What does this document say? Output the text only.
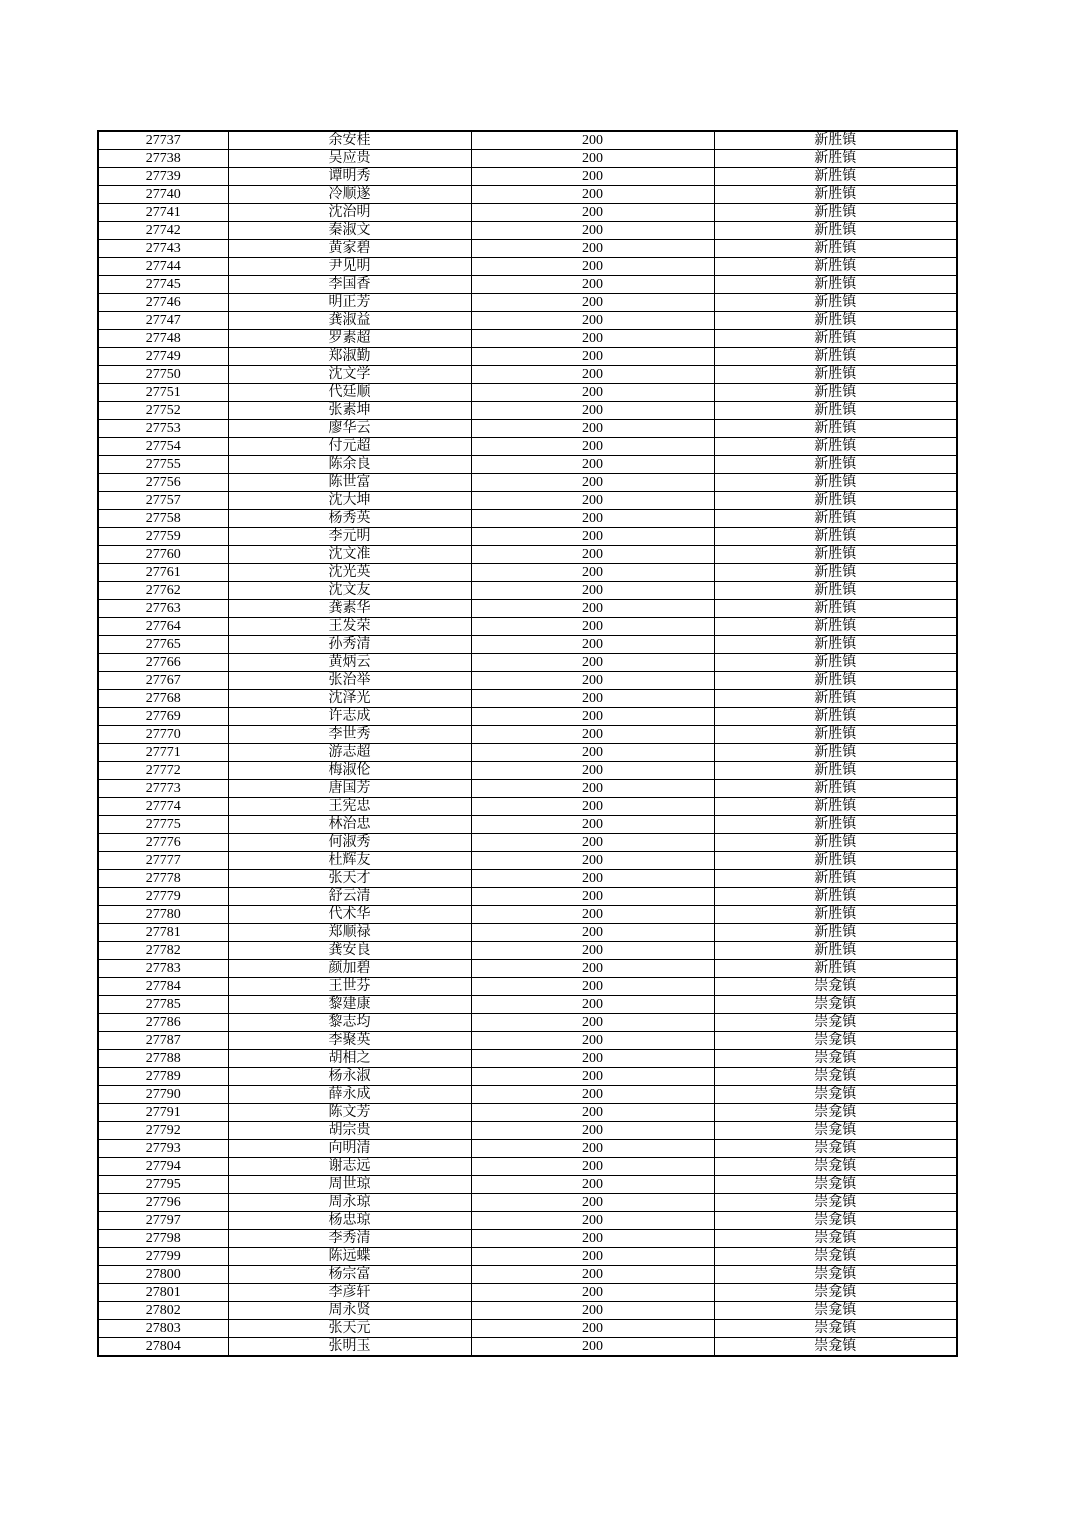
27737	余安桂	200	新胜镇
27738	吴应贵	200	新胜镇
27739	谭明秀	200	新胜镇
27740	冷顺遂	200	新胜镇
27741	沈治明	200	新胜镇
27742	秦淑文	200	新胜镇
27743	黄家碧	200	新胜镇
27744	尹见明	200	新胜镇
27745	李国香	200	新胜镇
27746	明正芳	200	新胜镇
27747	龚淑益	200	新胜镇
27748	罗素超	200	新胜镇
27749	郑淑勤	200	新胜镇
27750	沈文学	200	新胜镇
27751	代廷顺	200	新胜镇
27752	张素坤	200	新胜镇
27753	廖华云	200	新胜镇
27754	付元超	200	新胜镇
27755	陈余良	200	新胜镇
27756	陈世富	200	新胜镇
27757	沈大坤	200	新胜镇
27758	杨秀英	200	新胜镇
27759	李元明	200	新胜镇
27760	沈文准	200	新胜镇
27761	沈光英	200	新胜镇
27762	沈文友	200	新胜镇
27763	龚素华	200	新胜镇
27764	王发荣	200	新胜镇
27765	孙秀清	200	新胜镇
27766	黄炳云	200	新胜镇
27767	张治举	200	新胜镇
27768	沈泽光	200	新胜镇
27769	许志成	200	新胜镇
27770	李世秀	200	新胜镇
27771	游志超	200	新胜镇
27772	梅淑伦	200	新胜镇
27773	唐国芳	200	新胜镇
27774	王宪忠	200	新胜镇
27775	林治忠	200	新胜镇
27776	何淑秀	200	新胜镇
27777	杜辉友	200	新胜镇
27778	张天才	200	新胜镇
27779	舒云清	200	新胜镇
27780	代术华	200	新胜镇
27781	郑顺禄	200	新胜镇
27782	龚安良	200	新胜镇
27783	颜加碧	200	新胜镇
27784	王世芬	200	崇龛镇
27785	黎建康	200	崇龛镇
27786	黎志均	200	崇龛镇
27787	李聚英	200	崇龛镇
27788	胡相之	200	崇龛镇
27789	杨永淑	200	崇龛镇
27790	薛永成	200	崇龛镇
27791	陈文芳	200	崇龛镇
27792	胡宗贵	200	崇龛镇
27793	向明清	200	崇龛镇
27794	谢志远	200	崇龛镇
27795	周世琼	200	崇龛镇
27796	周永琼	200	崇龛镇
27797	杨忠琼	200	崇龛镇
27798	李秀清	200	崇龛镇
27799	陈远蝶	200	崇龛镇
27800	杨宗富	200	崇龛镇
27801	李彦轩	200	崇龛镇
27802	周永贤	200	崇龛镇
27803	张天元	200	崇龛镇
27804	张明玉	200	崇龛镇
